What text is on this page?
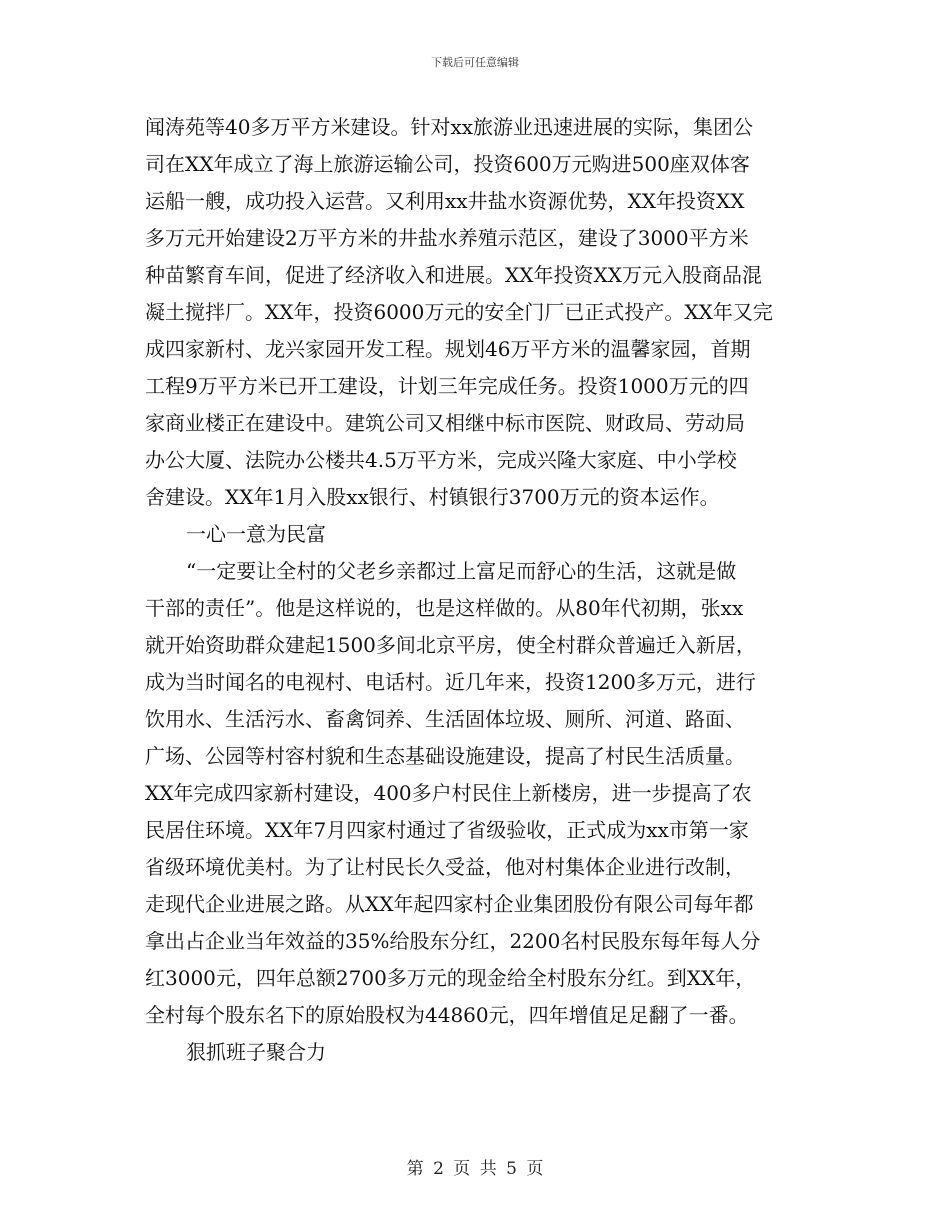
下载后可任意编辑
闻涛苑等40多万平方米建设。针对xx旅游业迅速进展的实际，集团公
司在XX年成立了海上旅游运输公司，投资600万元购进500座双体客
运船一艘，成功投入运营。又利用xx井盐水资源优势，XX年投资XX
多万元开始建设2万平方米的井盐水养殖示范区，建设了3000平方米
种苗繁育车间，促进了经济收入和进展。XX年投资XX万元入股商品混
凝土搅拌厂。XX年，投资6000万元的安全门厂已正式投产。XX年又完
成四家新村、龙兴家园开发工程。规划46万平方米的温馨家园，首期
工程9万平方米已开工建设，计划三年完成任务。投资1000万元的四
家商业楼正在建设中。建筑公司又相继中标市医院、财政局、劳动局
办公大厦、法院办公楼共4.5万平方米，完成兴隆大家庭、中小学校
舍建设。XX年1月入股xx银行、村镇银行3700万元的资本运作。
一心一意为民富
“一定要让全村的父老乡亲都过上富足而舒心的生活，这就是做
干部的责任”。他是这样说的，也是这样做的。从80年代初期，张xx
就开始资助群众建起1500多间北京平房，使全村群众普遍迁入新居，
成为当时闻名的电视村、电话村。近几年来，投资1200多万元，进行
饮用水、生活污水、畜禽饲养、生活固体垃圾、厕所、河道、路面、
广场、公园等村容村貌和生态基础设施建设，提高了村民生活质量。
XX年完成四家新村建设，400多户村民住上新楼房，进一步提高了农
民居住环境。XX年7月四家村通过了省级验收，正式成为xx市第一家
省级环境优美村。为了让村民长久受益，他对村集体企业进行改制，
走现代企业进展之路。从XX年起四家村企业集团股份有限公司每年都
拿出占企业当年效益的35%给股东分红，2200名村民股东每年每人分
红3000元，四年总额2700多万元的现金给全村股东分红。到XX年，
全村每个股东名下的原始股权为44860元，四年增值足足翻了一番。
狠抓班子聚合力
第 2 页 共 5 页
